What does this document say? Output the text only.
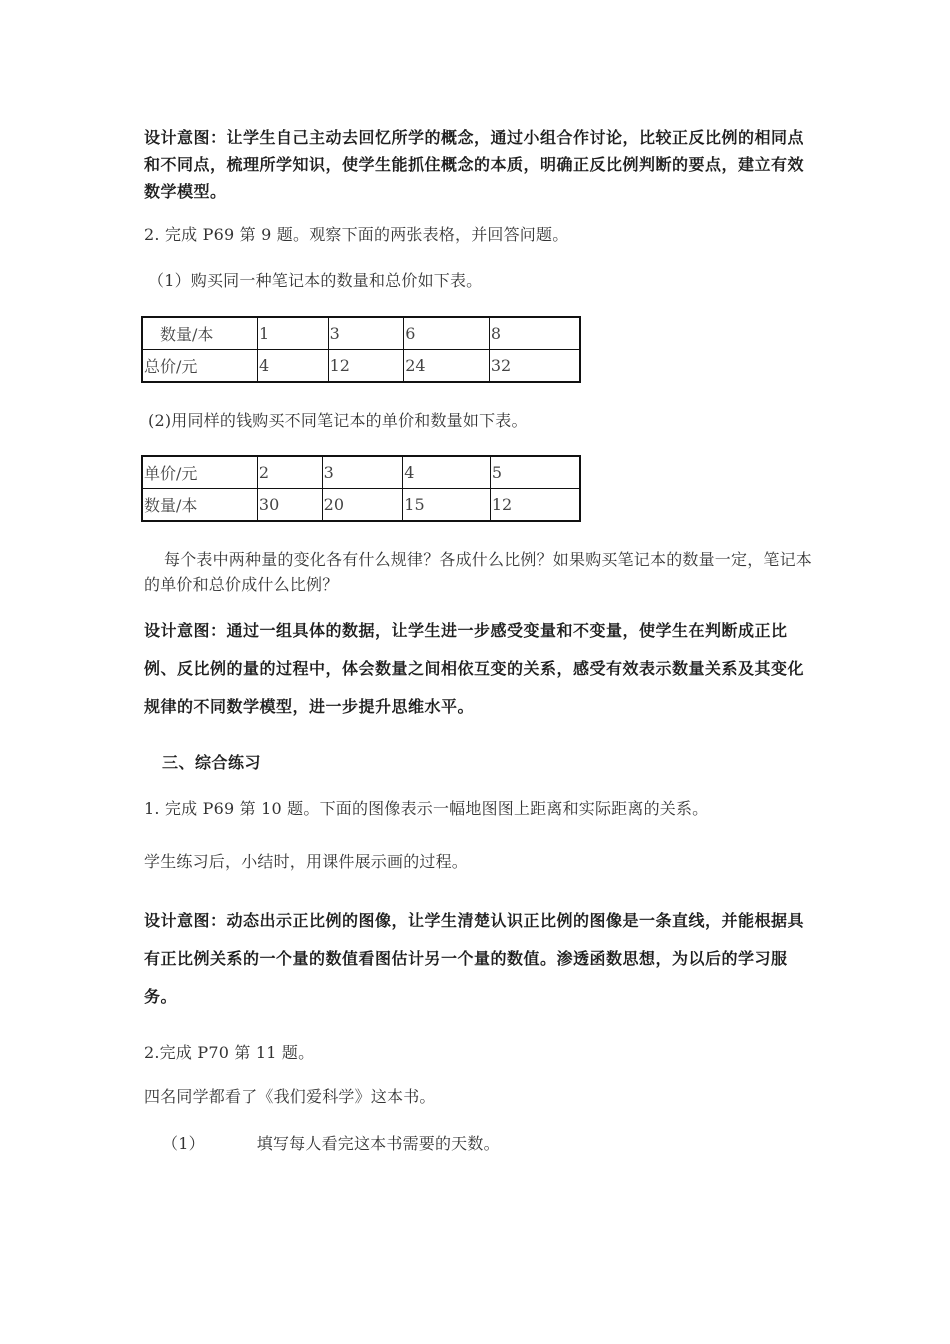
设计意图：让学生自己主动去回忆所学的概念，通过小组合作讨论，比较正反比例的相同点和不同点，梳理所学知识，使学生能抓住概念的本质，明确正反比例判断的要点，建立有效数学模型。

2. 完成 P69 第 9 题。观察下面的两张表格，并回答问题。

（1）购买同一种笔记本的数量和总价如下表。

　数量/本	1	3	6	8
总价/元	4	12	24	32

(2)用同样的钱购买不同笔记本的单价和数量如下表。

单价/元	2	3	4	5
数量/本	30	20	15	12

每个表中两种量的变化各有什么规律？各成什么比例？如果购买笔记本的数量一定，笔记本的单价和总价成什么比例？

设计意图：通过一组具体的数据，让学生进一步感受变量和不变量，使学生在判断成正比例、反比例的量的过程中，体会数量之间相依互变的关系，感受有效表示数量关系及其变化规律的不同数学模型，进一步提升思维水平。

三、综合练习

1. 完成 P69 第 10 题。下面的图像表示一幅地图图上距离和实际距离的关系。

学生练习后，小结时，用课件展示画的过程。

设计意图：动态出示正比例的图像，让学生清楚认识正比例的图像是一条直线，并能根据具有正比例关系的一个量的数值看图估计另一个量的数值。渗透函数思想，为以后的学习服务。

2.完成 P70 第 11 题。

四名同学都看了《我们爱科学》这本书。

（1）	填写每人看完这本书需要的天数。
